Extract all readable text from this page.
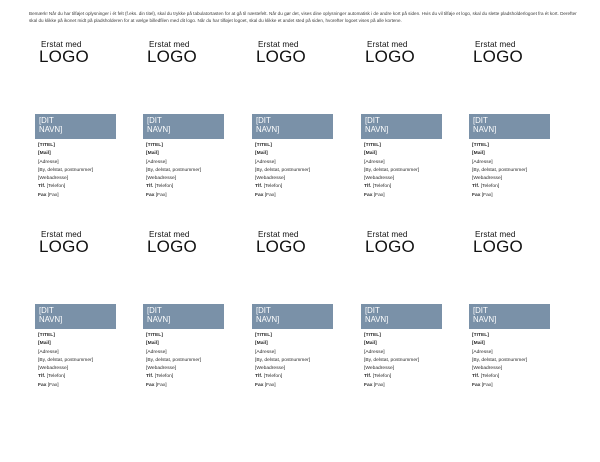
Bemærk! Når du har tilføjet oplysninger i ét felt (f.eks. din titel), skal du trykke på tabulatortasten for at gå til næstefelt. Når du gør det, vises dine oplysninger automatisk i de andre kort på siden. Hvis du vil tilføje et logo, skal du slette pladsholderlogoet fra ét kort. Derefter skal du klikke på ikonet midt på pladsholderen for at vælge billedfilen med dit logo. Når du har tilføjet logoet, skal du klikke et andet sted på siden, hvorefter logoet vises på alle kortene.
Erstat med
LOGO
[DIT
NAVN]
[TITEL]
[Mail]
[Adresse]
[By, delstat, postnummer]
[Webadresse]
Tlf. [Telefon]
Fax [Fax]
Erstat med
LOGO
[DIT
NAVN]
[TITEL]
[Mail]
[Adresse]
[By, delstat, postnummer]
[Webadresse]
Tlf. [Telefon]
Fax [Fax]
Erstat med
LOGO
[DIT
NAVN]
[TITEL]
[Mail]
[Adresse]
[By, delstat, postnummer]
[Webadresse]
Tlf. [Telefon]
Fax [Fax]
Erstat med
LOGO
[DIT
NAVN]
[TITEL]
[Mail]
[Adresse]
[By, delstat, postnummer]
[Webadresse]
Tlf. [Telefon]
Fax [Fax]
Erstat med
LOGO
[DIT
NAVN]
[TITEL]
[Mail]
[Adresse]
[By, delstat, postnummer]
[Webadresse]
Tlf. [Telefon]
Fax [Fax]
Erstat med
LOGO
[DIT
NAVN]
[TITEL]
[Mail]
[Adresse]
[By, delstat, postnummer]
[Webadresse]
Tlf. [Telefon]
Fax [Fax]
Erstat med
LOGO
[DIT
NAVN]
[TITEL]
[Mail]
[Adresse]
[By, delstat, postnummer]
[Webadresse]
Tlf. [Telefon]
Fax [Fax]
Erstat med
LOGO
[DIT
NAVN]
[TITEL]
[Mail]
[Adresse]
[By, delstat, postnummer]
[Webadresse]
Tlf. [Telefon]
Fax [Fax]
Erstat med
LOGO
[DIT
NAVN]
[TITEL]
[Mail]
[Adresse]
[By, delstat, postnummer]
[Webadresse]
Tlf. [Telefon]
Fax [Fax]
Erstat med
LOGO
[DIT
NAVN]
[TITEL]
[Mail]
[Adresse]
[By, delstat, postnummer]
[Webadresse]
Tlf. [Telefon]
Fax [Fax]
